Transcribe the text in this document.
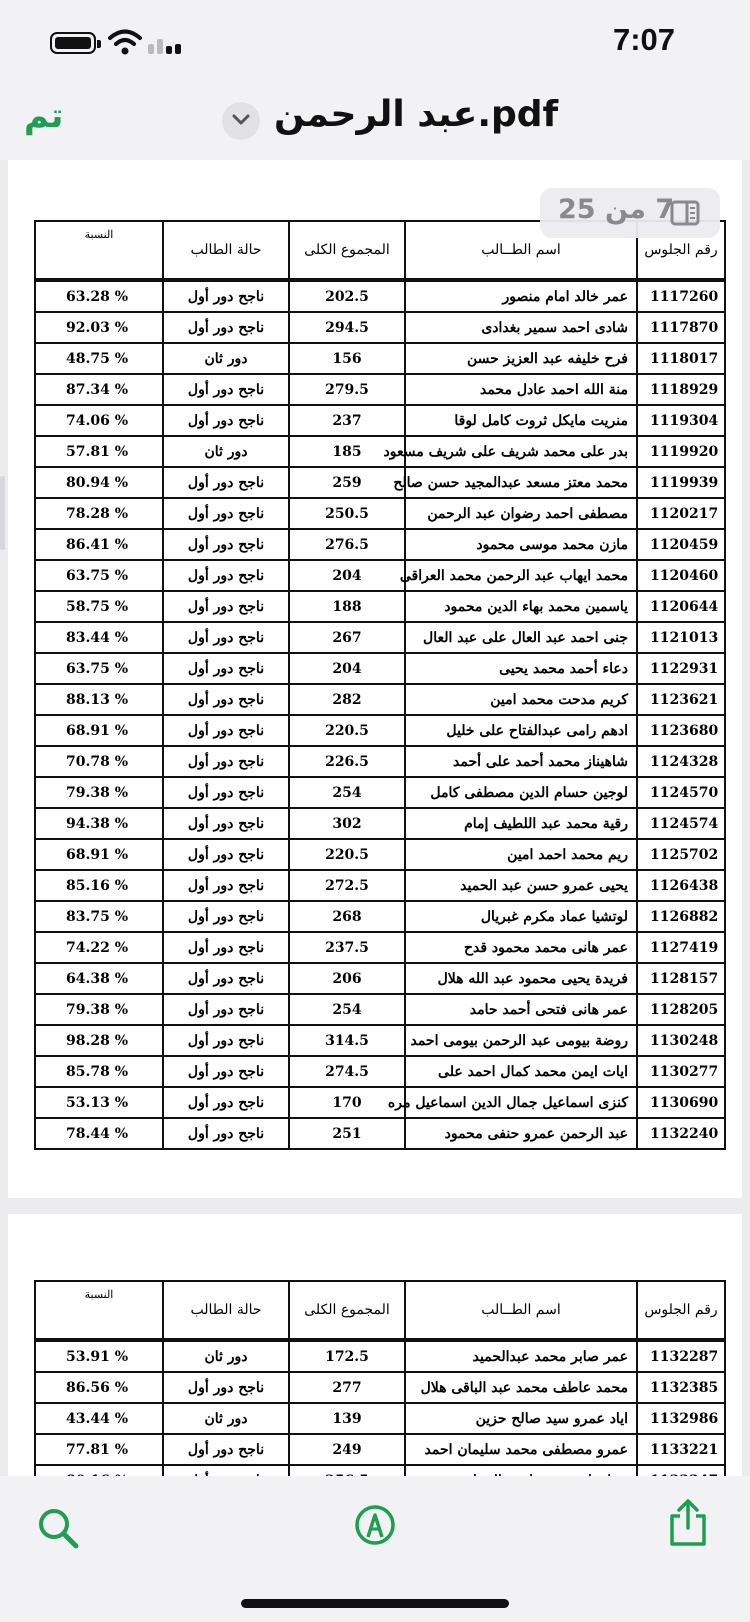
7:07
تم	عبد الرحمن.pdf
رقم الجلوس	اسم الطــالب	المجموع الكلى	حالة الطالب	النسبة
1117260	عمر خالد امام منصور	202.5	ناجح دور أول	63.28 %
1117870	شادى احمد سمير بغدادى	294.5	ناجح دور أول	92.03 %
1118017	فرح خليفه عبد العزيز حسن	156	دور ثان	48.75 %
1118929	منة الله احمد عادل محمد	279.5	ناجح دور أول	87.34 %
1119304	منريت مايكل ثروت كامل لوقا	237	ناجح دور أول	74.06 %
1119920	بدر على محمد شريف على شريف مسعود	185	دور ثان	57.81 %
1119939	محمد معتز مسعد عبدالمجيد حسن صالح	259	ناجح دور أول	80.94 %
1120217	مصطفى احمد رضوان عبد الرحمن	250.5	ناجح دور أول	78.28 %
1120459	مازن محمد موسى محمود	276.5	ناجح دور أول	86.41 %
1120460	محمد ايهاب عبد الرحمن محمد العراقى	204	ناجح دور أول	63.75 %
1120644	ياسمين محمد بهاء الدين محمود	188	ناجح دور أول	58.75 %
1121013	جنى احمد عبد العال على عبد العال	267	ناجح دور أول	83.44 %
1122931	دعاء أحمد محمد يحيى	204	ناجح دور أول	63.75 %
1123621	كريم مدحت محمد امين	282	ناجح دور أول	88.13 %
1123680	ادهم رامى عبدالفتاح على خليل	220.5	ناجح دور أول	68.91 %
1124328	شاهيناز محمد أحمد على أحمد	226.5	ناجح دور أول	70.78 %
1124570	لوجين حسام الدين مصطفى كامل	254	ناجح دور أول	79.38 %
1124574	رقية محمد عبد اللطيف إمام	302	ناجح دور أول	94.38 %
1125702	ريم محمد احمد امين	220.5	ناجح دور أول	68.91 %
1126438	يحيى عمرو حسن عبد الحميد	272.5	ناجح دور أول	85.16 %
1126882	لوتشيا عماد مكرم غبريال	268	ناجح دور أول	83.75 %
1127419	عمر هانى محمد محمود قدح	237.5	ناجح دور أول	74.22 %
1128157	فريدة يحيى محمود عبد الله هلال	206	ناجح دور أول	64.38 %
1128205	عمر هانى فتحى أحمد حامد	254	ناجح دور أول	79.38 %
1130248	روضة بيومى عبد الرحمن بيومى احمد	314.5	ناجح دور أول	98.28 %
1130277	ايات ايمن محمد كمال احمد على	274.5	ناجح دور أول	85.78 %
1130690	كنزى اسماعيل جمال الدين اسماعيل مره	170	ناجح دور أول	53.13 %
1132240	عبد الرحمن عمرو حنفى محمود	251	ناجح دور أول	78.44 %
7 من 25
رقم الجلوس	اسم الطــالب	المجموع الكلى	حالة الطالب	النسبة
1132287	عمر صابر محمد عبدالحميد	172.5	دور ثان	53.91 %
1132385	محمد عاطف محمد عبد الباقى هلال	277	ناجح دور أول	86.56 %
1132986	اياد عمرو سيد صالح حزين	139	دور ثان	43.44 %
1133221	عمرو مصطفى محمد سليمان احمد	249	ناجح دور أول	77.81 %
